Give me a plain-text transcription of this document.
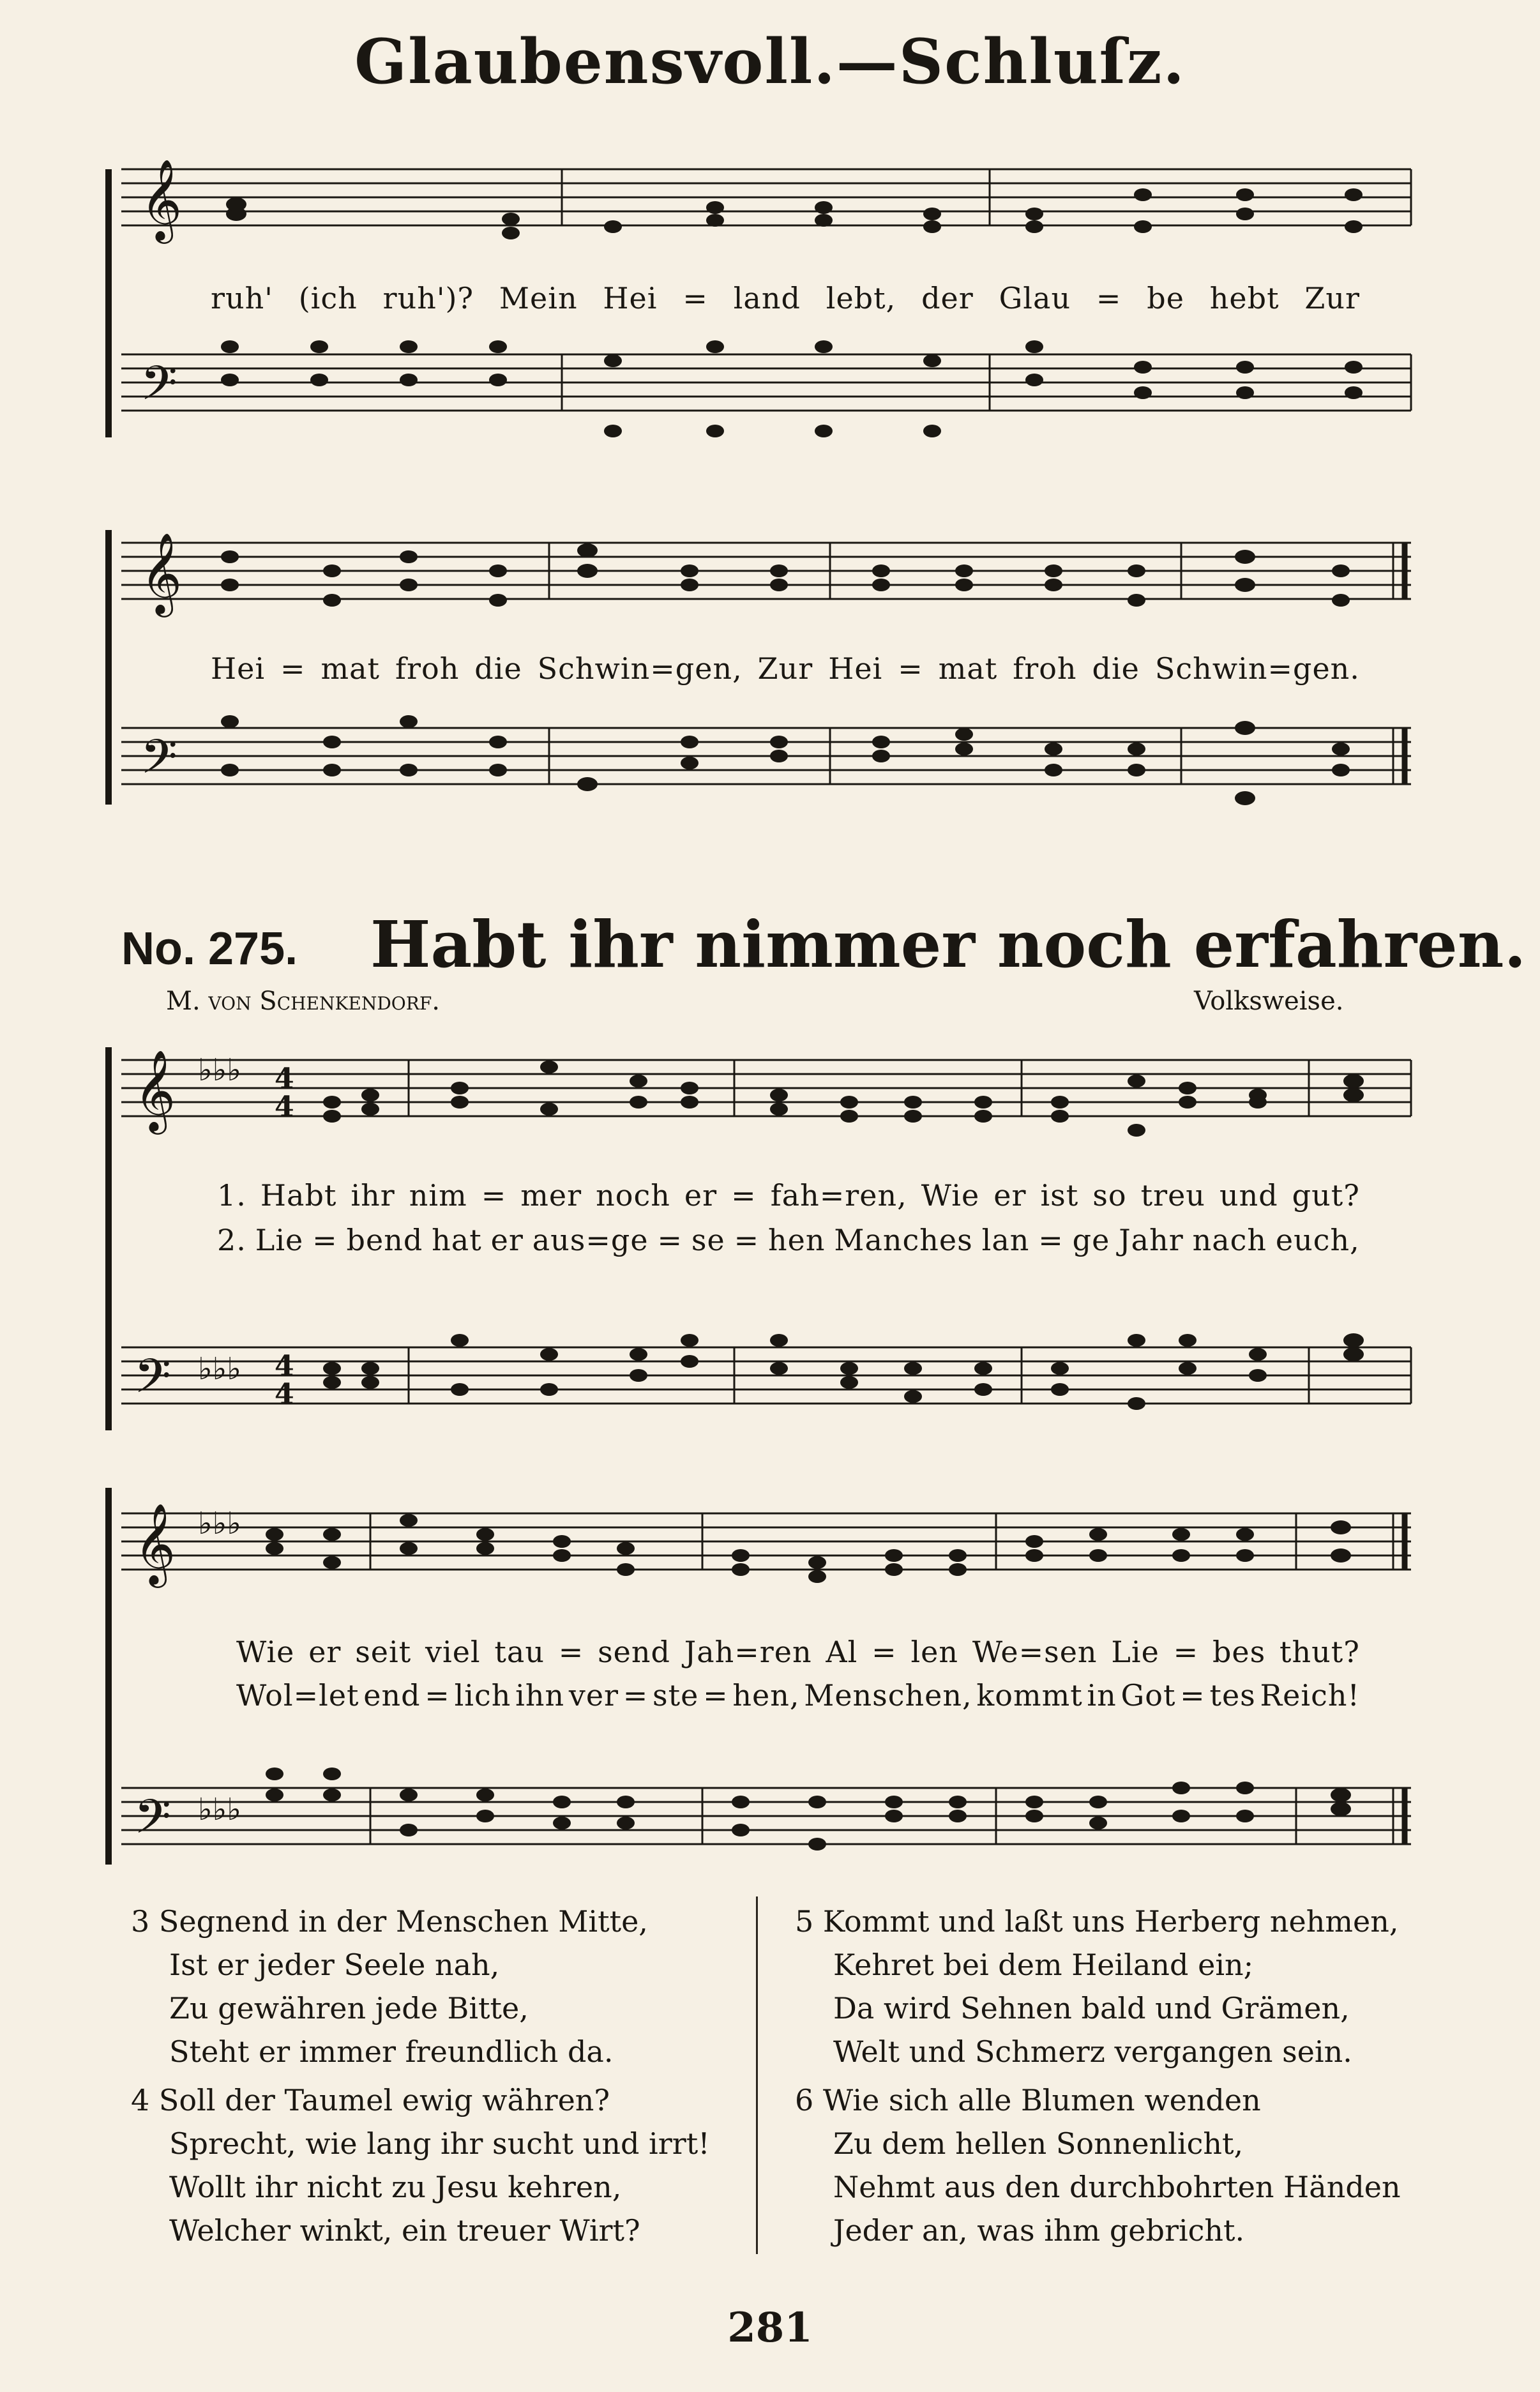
Glaubensvoll.—Schluſz.
𝄞
𝄢
ruh' (ich ruh')? Mein Hei = land lebt, der Glau = be hebt Zur
𝄞
𝄢
Hei = mat froh die Schwin=gen, Zur Hei = mat froh die Schwin=gen.
No. 275. Habt ihr nimmer noch erfahren.
M. von Schenkendorf.	Volksweise.
𝄞
𝄢
♭♭♭
♭♭♭
4
4
4
4
1. Habt ihr nim = mer noch er = fah=ren, Wie er ist so treu und gut?
2. Lie = bend hat er aus=ge = se = hen Manches lan = ge Jahr nach euch,
𝄞
𝄢
♭♭♭
♭♭♭
Wie er seit viel tau = send Jah=ren Al = len We=sen Lie = bes thut?
Wol=let end = lich ihn ver = ste = hen, Menschen, kommt in Got = tes Reich!
3 Segnend in der Menschen Mitte,
Ist er jeder Seele nah,
Zu gewähren jede Bitte,
Steht er immer freundlich da.
4 Soll der Taumel ewig währen?
Sprecht, wie lang ihr sucht und irrt!
Wollt ihr nicht zu Jesu kehren,
Welcher winkt, ein treuer Wirt?
5 Kommt und laßt uns Herberg nehmen,
Kehret bei dem Heiland ein;
Da wird Sehnen bald und Grämen,
Welt und Schmerz vergangen sein.
6 Wie sich alle Blumen wenden
Zu dem hellen Sonnenlicht,
Nehmt aus den durchbohrten Händen
Jeder an, was ihm gebricht.
281
